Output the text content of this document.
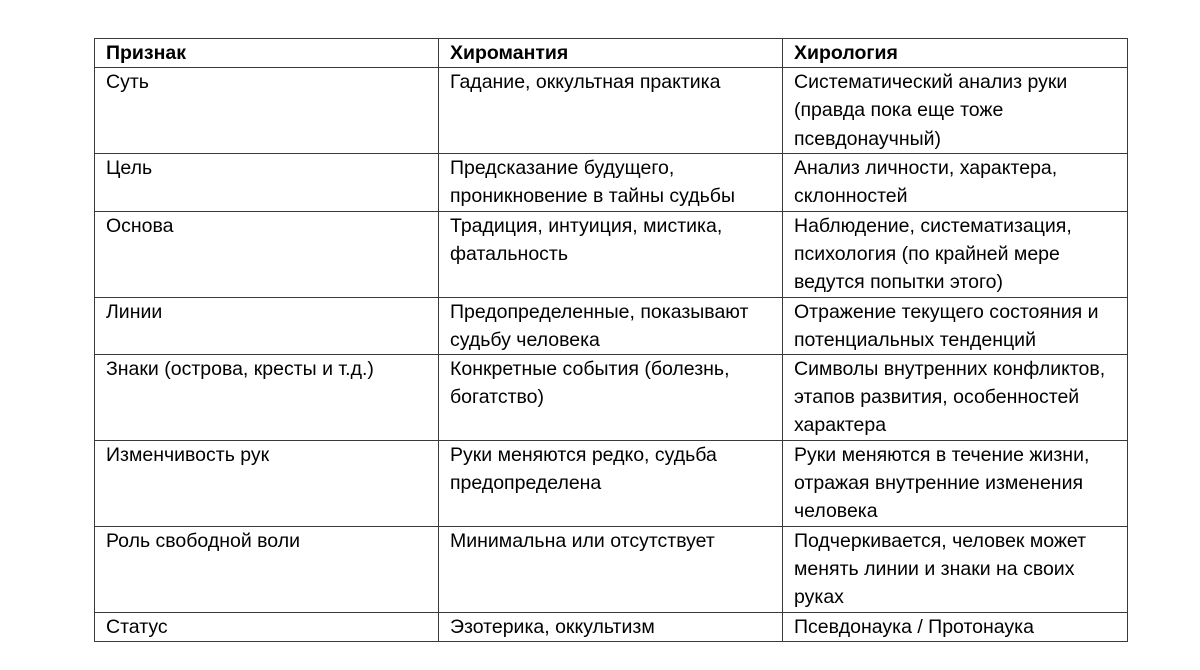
Признак	Хиромантия	Хирология
Суть	Гадание, оккультная практика	Систематический анализ руки (правда пока еще тоже псевдонаучный)
Цель	Предсказание будущего, проникновение в тайны судьбы	Анализ личности, характера, склонностей
Основа	Традиция, интуиция, мистика, фатальность	Наблюдение, систематизация, психология (по крайней мере ведутся попытки этого)
Линии	Предопределенные, показывают судьбу человека	Отражение текущего состояния и потенциальных тенденций
Знаки (острова, кресты и т.д.)	Конкретные события (болезнь, богатство)	Символы внутренних конфликтов, этапов развития, особенностей характера
Изменчивость рук	Руки меняются редко, судьба предопределена	Руки меняются в течение жизни, отражая внутренние изменения человека
Роль свободной воли	Минимальна или отсутствует	Подчеркивается, человек может менять линии и знаки на своих руках
Статус	Эзотерика, оккультизм	Псевдонаука / Протонаука
